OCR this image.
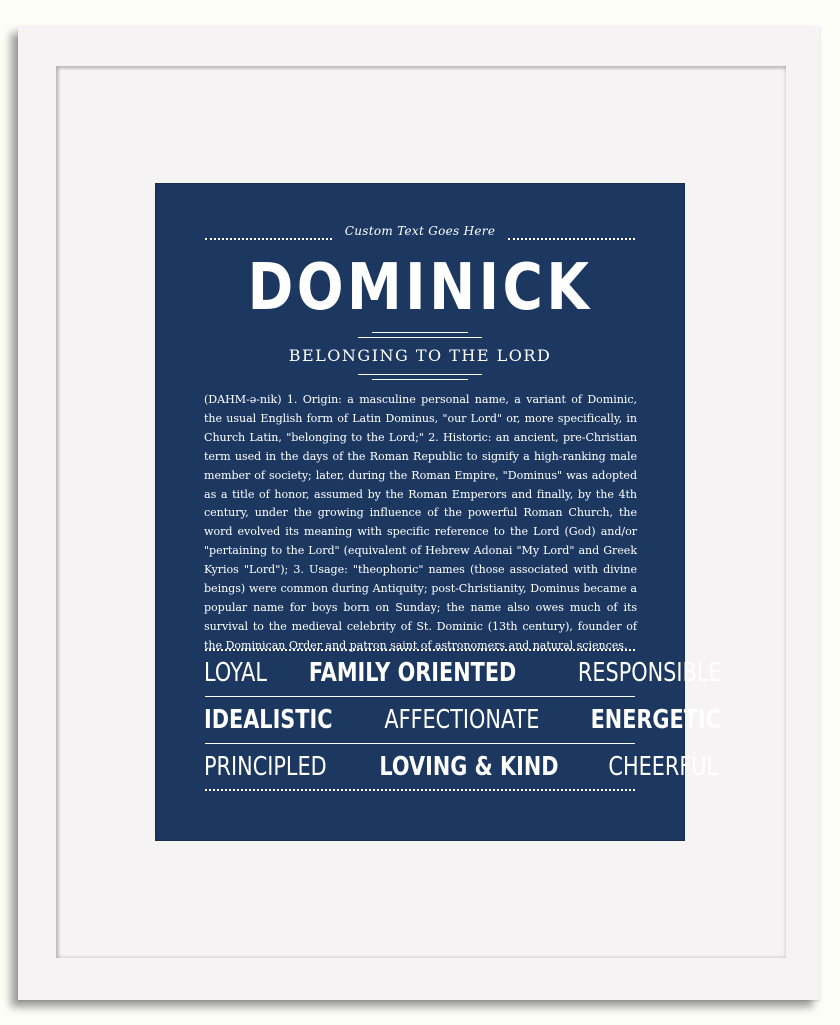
Custom Text Goes Here
DOMINICK
BELONGING TO THE LORD
(DAHM-ə-nik) 1. Origin: a masculine personal name, a variant of Dominic, the usual English form of Latin Dominus, "our Lord" or, more specifically, in Church Latin, "belonging to the Lord;" 2. Historic: an ancient, pre-Christian term used in the days of the Roman Republic to signify a high-ranking male member of society; later, during the Roman Empire, "Dominus" was adopted as a title of honor, assumed by the Roman Emperors and finally, by the 4th century, under the growing influence of the powerful Roman Church, the word evolved its meaning with specific reference to the Lord (God) and/or "pertaining to the Lord" (equivalent of Hebrew Adonai "My Lord" and Greek Kyrios "Lord"); 3. Usage: "theophoric" names (those associated with divine beings) were common during Antiquity; post-Christianity, Dominus became a popular name for boys born on Sunday; the name also owes much of its survival to the medieval celebrity of St. Dominic (13th century), founder of the Dominican Order and patron saint of astronomers and natural sciences.
LOYAL FAMILY ORIENTED RESPONSIBLE
IDEALISTIC AFFECTIONATE ENERGETIC
PRINCIPLED LOVING & KIND CHEERFUL
